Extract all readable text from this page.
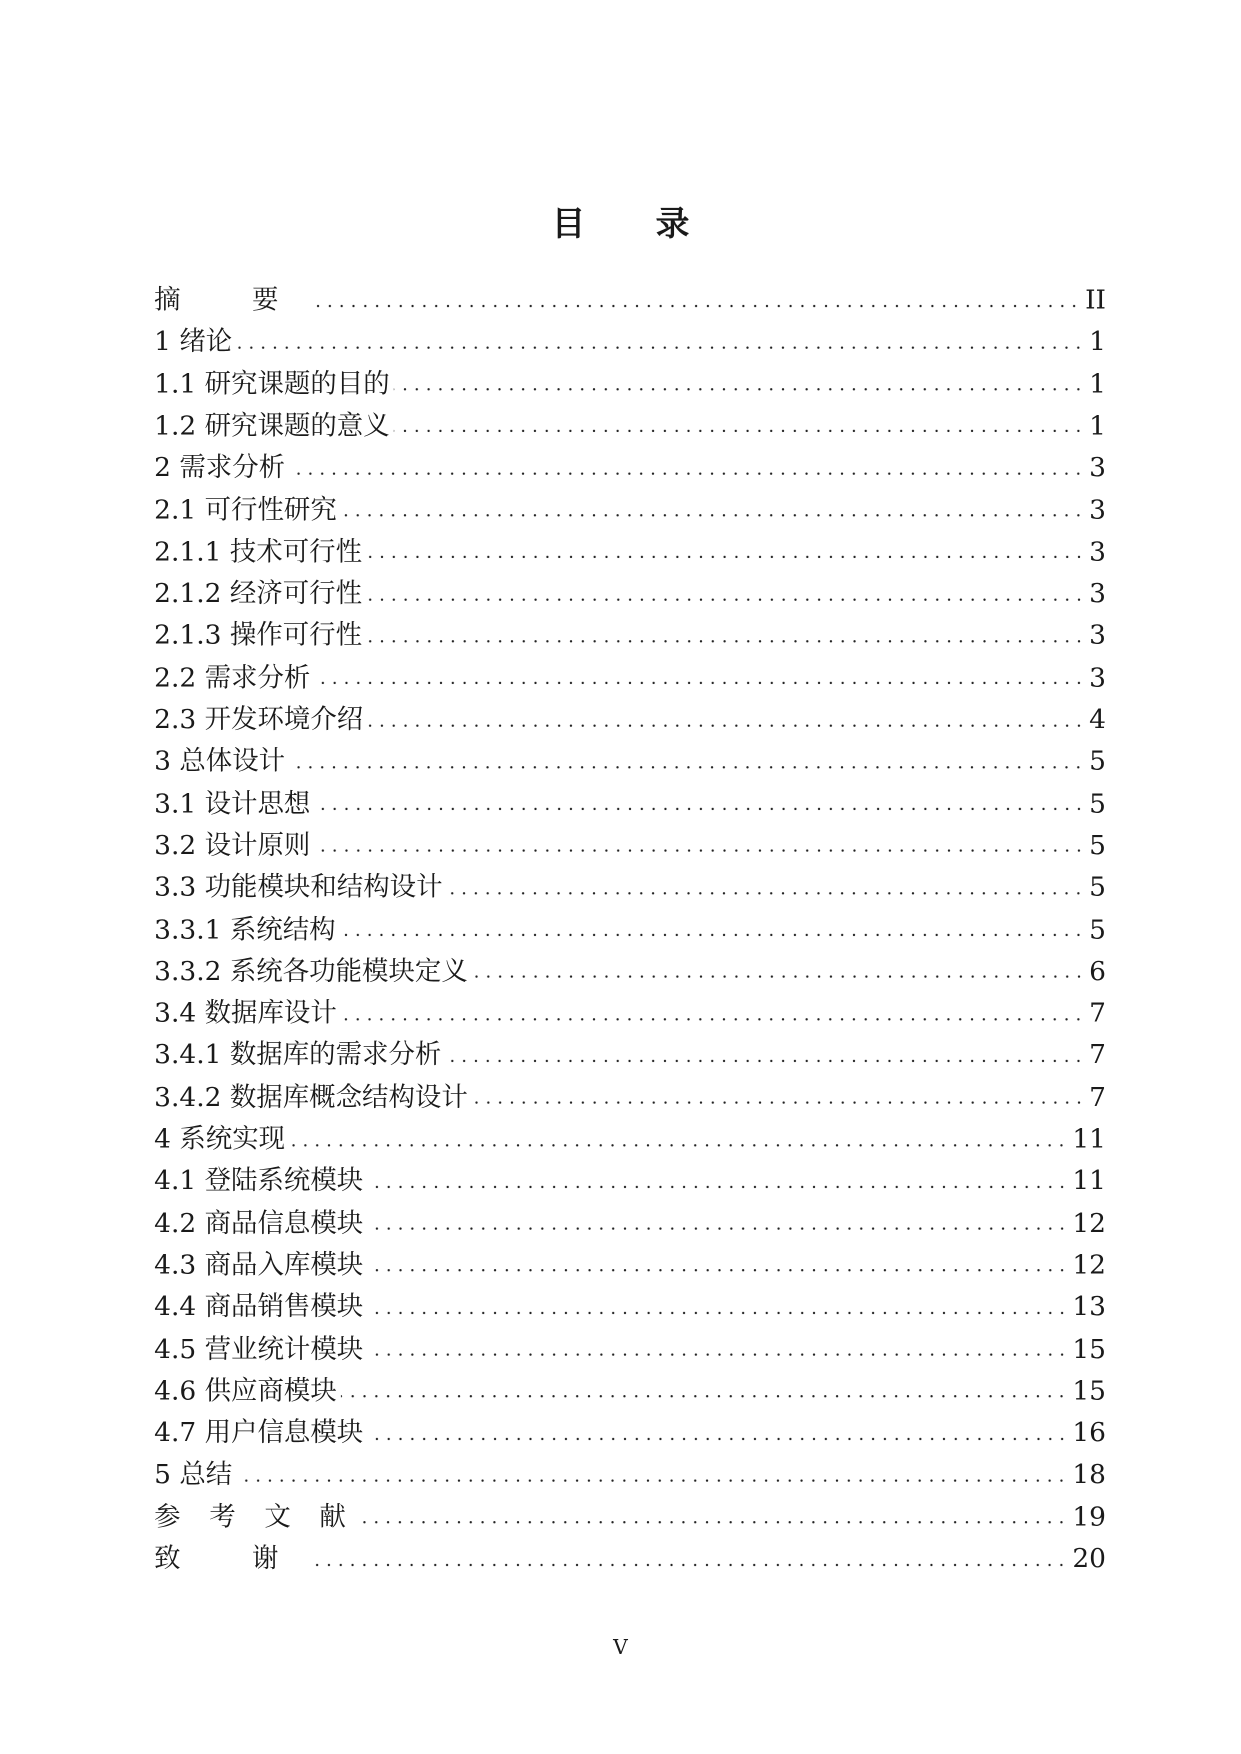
目 录
摘 要	II
1 绪论	1
1.1 研究课题的目的	1
1.2 研究课题的意义	1
2 需求分析	3
2.1 可行性研究	3
2.1.1 技术可行性	3
2.1.2 经济可行性	3
2.1.3 操作可行性	3
2.2 需求分析	3
2.3 开发环境介绍	4
3 总体设计	5
3.1 设计思想	5
3.2 设计原则	5
3.3 功能模块和结构设计	5
3.3.1 系统结构	5
3.3.2 系统各功能模块定义	6
3.4 数据库设计	7
3.4.1 数据库的需求分析	7
3.4.2 数据库概念结构设计	7
4 系统实现	11
4.1 登陆系统模块	11
4.2 商品信息模块	12
4.3 商品入库模块	12
4.4 商品销售模块	13
4.5 营业统计模块	15
4.6 供应商模块	15
4.7 用户信息模块	16
5 总结	18
参 考 文 献	19
致 谢	20
V
